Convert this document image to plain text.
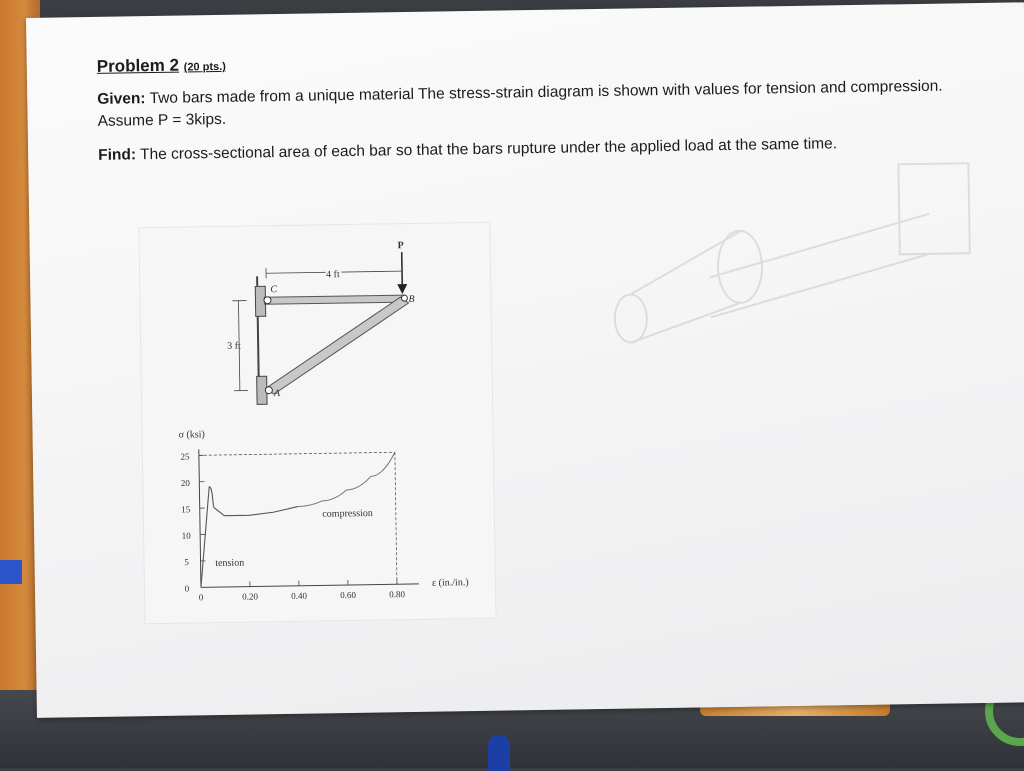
Problem 2 (20 pts.)
Given: Two bars made from a unique material The stress-strain diagram is shown with values for tension and compression. Assume P = 3kips.
Find: The cross-sectional area of each bar so that the bars rupture under the applied load at the same time.
P
4 ft
3 ft
A
B
C
σ (ksi)
ε (in./in.)
0
5
10
15
20
25
0	0.20	0.40	0.60	0.80
tension
compression
